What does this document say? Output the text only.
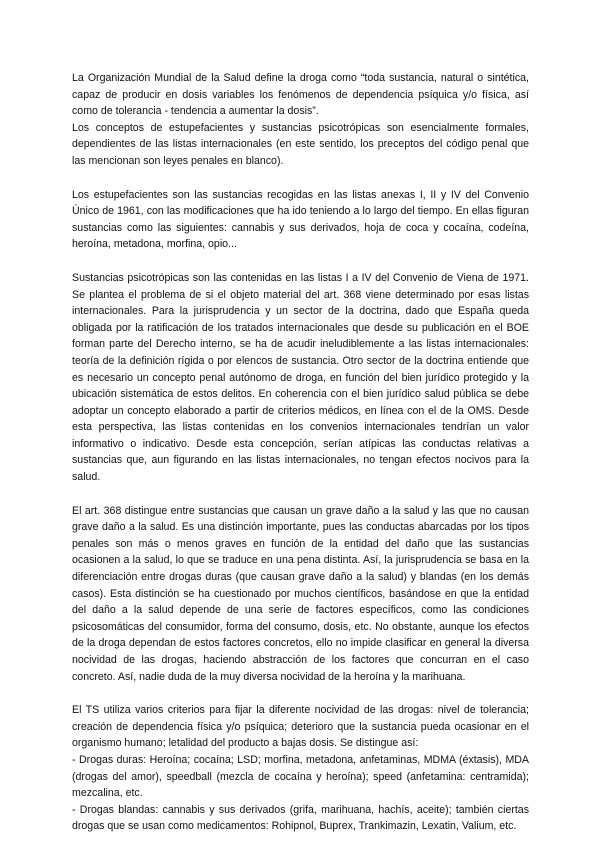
La Organización Mundial de la Salud define la droga como “toda sustancia, natural o sintética, capaz de producir en dosis variables los fenómenos de dependencia psíquica y/o física, así como de tolerancia - tendencia a aumentar la dosis”.

Los conceptos de estupefacientes y sustancias psicotrópicas son esencialmente formales, dependientes de las listas internacionales (en este sentido, los preceptos del código penal que las mencionan son leyes penales en blanco).

Los estupefacientes son las sustancias recogidas en las listas anexas I, II y IV del Convenio Único de 1961, con las modificaciones que ha ido teniendo a lo largo del tiempo. En ellas figuran sustancias como las siguientes: cannabis y sus derivados, hoja de coca y cocaína, codeína, heroína, metadona, morfina, opio...

Sustancias psicotrópicas son las contenidas en las listas I a IV del Convenio de Viena de 1971. Se plantea el problema de si el objeto material del art. 368 viene determinado por esas listas internacionales. Para la jurisprudencia y un sector de la doctrina, dado que España queda obligada por la ratificación de los tratados internacionales que desde su publicación en el BOE forman parte del Derecho interno, se ha de acudir ineludiblemente a las listas internacionales: teoría de la definición rígida o por elencos de sustancia. Otro sector de la doctrina entiende que es necesario un concepto penal autónomo de droga, en función del bien jurídico protegido y la ubicación sistemática de estos delitos. En coherencia con el bien jurídico salud pública se debe adoptar un concepto elaborado a partir de criterios médicos, en línea con el de la OMS. Desde esta perspectiva, las listas contenidas en los convenios internacionales tendrían un valor informativo o indicativo. Desde esta concepción, serían atípicas las conductas relativas a sustancias que, aun figurando en las listas internacionales, no tengan efectos nocivos para la salud.

El art. 368 distingue entre sustancias que causan un grave daño a la salud y las que no causan grave daño a la salud. Es una distinción importante, pues las conductas abarcadas por los tipos penales son más o menos graves en función de la entidad del daño que las sustancias ocasionen a la salud, lo que se traduce en una pena distinta. Así, la jurisprudencia se basa en la diferenciación entre drogas duras (que causan grave daño a la salud) y blandas (en los demás casos). Esta distinción se ha cuestionado por muchos científicos, basándose en que la entidad del daño a la salud depende de una serie de factores específicos, como las condiciones psicosomáticas del consumidor, forma del consumo, dosis, etc. No obstante, aunque los efectos de la droga dependan de estos factores concretos, ello no impide clasificar en general la diversa nocividad de las drogas, haciendo abstracción de los factores que concurran en el caso concreto. Así, nadie duda de la muy diversa nocividad de la heroína y la marihuana.

El TS utiliza varios criterios para fijar la diferente nocividad de las drogas: nivel de tolerancia; creación de dependencia física y/o psíquica; deterioro que la sustancia pueda ocasionar en el organismo humano; letalidad del producto a bajas dosis. Se distingue así:

- Drogas duras: Heroína; cocaína; LSD; morfina, metadona, anfetaminas, MDMA (éxtasis), MDA (drogas del amor), speedball (mezcla de cocaína y heroína); speed (anfetamina: centramida); mezcalina, etc.

- Drogas blandas: cannabis y sus derivados (grifa, marihuana, hachís, aceite); también ciertas drogas que se usan como medicamentos: Rohipnol, Buprex, Trankimazin, Lexatin, Valium, etc.
